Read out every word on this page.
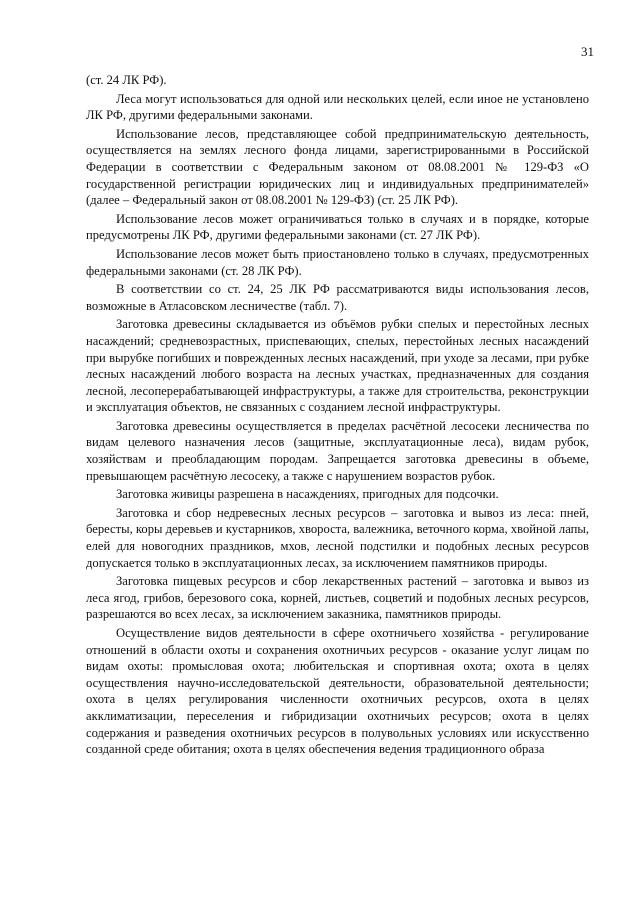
31

(ст. 24 ЛК РФ).

Леса могут использоваться для одной или нескольких целей, если иное не установлено ЛК РФ, другими федеральными законами.

Использование лесов, представляющее собой предпринимательскую деятельность, осуществляется на землях лесного фонда лицами, зарегистрированными в Российской Федерации в соответствии с Федеральным законом от 08.08.2001 № 129-ФЗ «О государственной регистрации юридических лиц и индивидуальных предпринимателей» (далее – Федеральный закон от 08.08.2001 № 129-ФЗ) (ст. 25 ЛК РФ).

Использование лесов может ограничиваться только в случаях и в порядке, которые предусмотрены ЛК РФ, другими федеральными законами (ст. 27 ЛК РФ).

Использование лесов может быть приостановлено только в случаях, предусмотренных федеральными законами (ст. 28 ЛК РФ).

В соответствии со ст. 24, 25 ЛК РФ рассматриваются виды использования лесов, возможные в Атласовском лесничестве (табл. 7).

Заготовка древесины складывается из объёмов рубки спелых и перестойных лесных насаждений; средневозрастных, приспевающих, спелых, перестойных лесных насаждений при вырубке погибших и поврежденных лесных насаждений, при уходе за лесами, при рубке лесных насаждений любого возраста на лесных участках, предназначенных для создания лесной, лесоперерабатывающей инфраструктуры, а также для строительства, реконструкции и эксплуатация объектов, не связанных с созданием лесной инфраструктуры.

Заготовка древесины осуществляется в пределах расчётной лесосеки лесничества по видам целевого назначения лесов (защитные, эксплуатационные леса), видам рубок, хозяйствам и преобладающим породам. Запрещается заготовка древесины в объеме, превышающем расчётную лесосеку, а также с нарушением возрастов рубок.

Заготовка живицы разрешена в насаждениях, пригодных для подсочки.

Заготовка и сбор недревесных лесных ресурсов – заготовка и вывоз из леса: пней, бересты, коры деревьев и кустарников, хвороста, валежника, веточного корма, хвойной лапы, елей для новогодних праздников, мхов, лесной подстилки и подобных лесных ресурсов допускается только в эксплуатационных лесах, за исключением памятников природы.

Заготовка пищевых ресурсов и сбор лекарственных растений – заготовка и вывоз из леса ягод, грибов, березового сока, корней, листьев, соцветий и подобных лесных ресурсов, разрешаются во всех лесах, за исключением заказника, памятников природы.

Осуществление видов деятельности в сфере охотничьего хозяйства - регулирование отношений в области охоты и сохранения охотничьих ресурсов - оказание услуг лицам по видам охоты: промысловая охота; любительская и спортивная охота; охота в целях осуществления научно-исследовательской деятельности, образовательной деятельности; охота в целях регулирования численности охотничьих ресурсов, охота в целях акклиматизации, переселения и гибридизации охотничьих ресурсов; охота в целях содержания и разведения охотничьих ресурсов в полувольных условиях или искусственно созданной среде обитания; охота в целях обеспечения ведения традиционного образа
